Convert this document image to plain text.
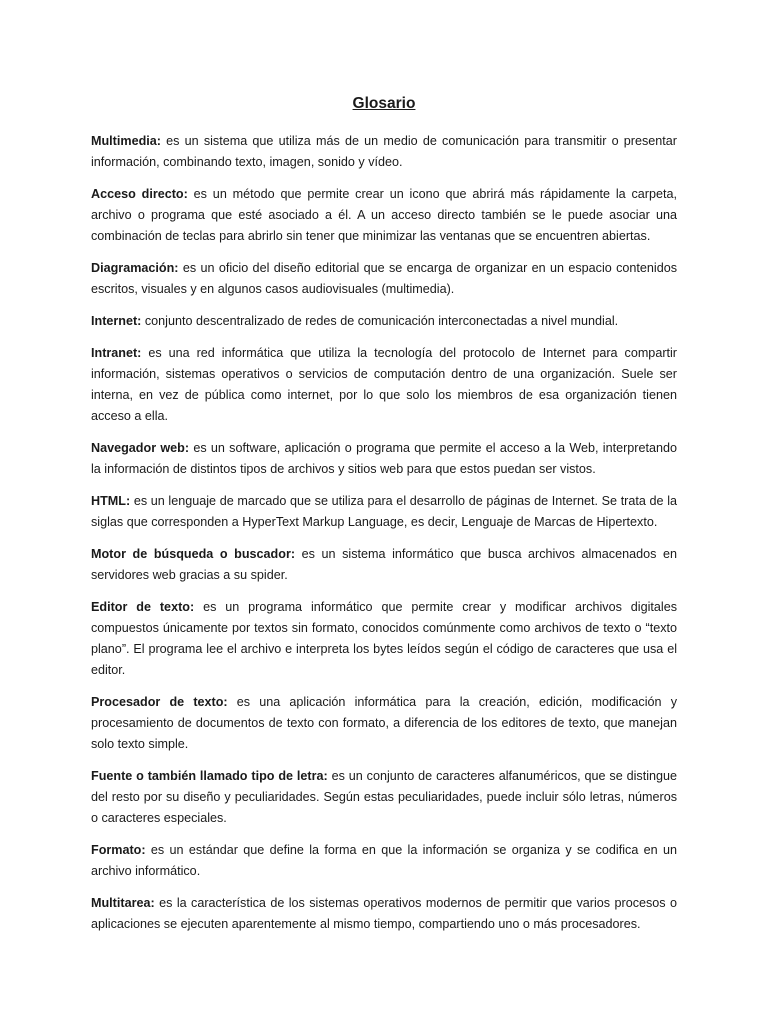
Glosario

Multimedia: es un sistema que utiliza más de un medio de comunicación para transmitir o presentar información, combinando texto, imagen, sonido y vídeo.

Acceso directo: es un método que permite crear un icono que abrirá más rápidamente la carpeta, archivo o programa que esté asociado a él. A un acceso directo también se le puede asociar una combinación de teclas para abrirlo sin tener que minimizar las ventanas que se encuentren abiertas.

Diagramación: es un oficio del diseño editorial que se encarga de organizar en un espacio contenidos escritos, visuales y en algunos casos audiovisuales (multimedia).

Internet: conjunto descentralizado de redes de comunicación interconectadas a nivel mundial.

Intranet: es una red informática que utiliza la tecnología del protocolo de Internet para compartir información, sistemas operativos o servicios de computación dentro de una organización. Suele ser interna, en vez de pública como internet, por lo que solo los miembros de esa organización tienen acceso a ella.

Navegador web: es un software, aplicación o programa que permite el acceso a la Web, interpretando la información de distintos tipos de archivos y sitios web para que estos puedan ser vistos.

HTML: es un lenguaje de marcado que se utiliza para el desarrollo de páginas de Internet. Se trata de la siglas que corresponden a HyperText Markup Language, es decir, Lenguaje de Marcas de Hipertexto.

Motor de búsqueda o buscador: es un sistema informático que busca archivos almacenados en servidores web gracias a su spider.

Editor de texto: es un programa informático que permite crear y modificar archivos digitales compuestos únicamente por textos sin formato, conocidos comúnmente como archivos de texto o “texto plano”. El programa lee el archivo e interpreta los bytes leídos según el código de caracteres que usa el editor.

Procesador de texto: es una aplicación informática para la creación, edición, modificación y procesamiento de documentos de texto con formato, a diferencia de los editores de texto, que manejan solo texto simple.

Fuente o también llamado tipo de letra: es un conjunto de caracteres alfanuméricos, que se distingue del resto por su diseño y peculiaridades. Según estas peculiaridades, puede incluir sólo letras, números o caracteres especiales.

Formato: es un estándar que define la forma en que la información se organiza y se codifica en un archivo informático.

Multitarea: es la característica de los sistemas operativos modernos de permitir que varios procesos o aplicaciones se ejecuten aparentemente al mismo tiempo, compartiendo uno o más procesadores.
